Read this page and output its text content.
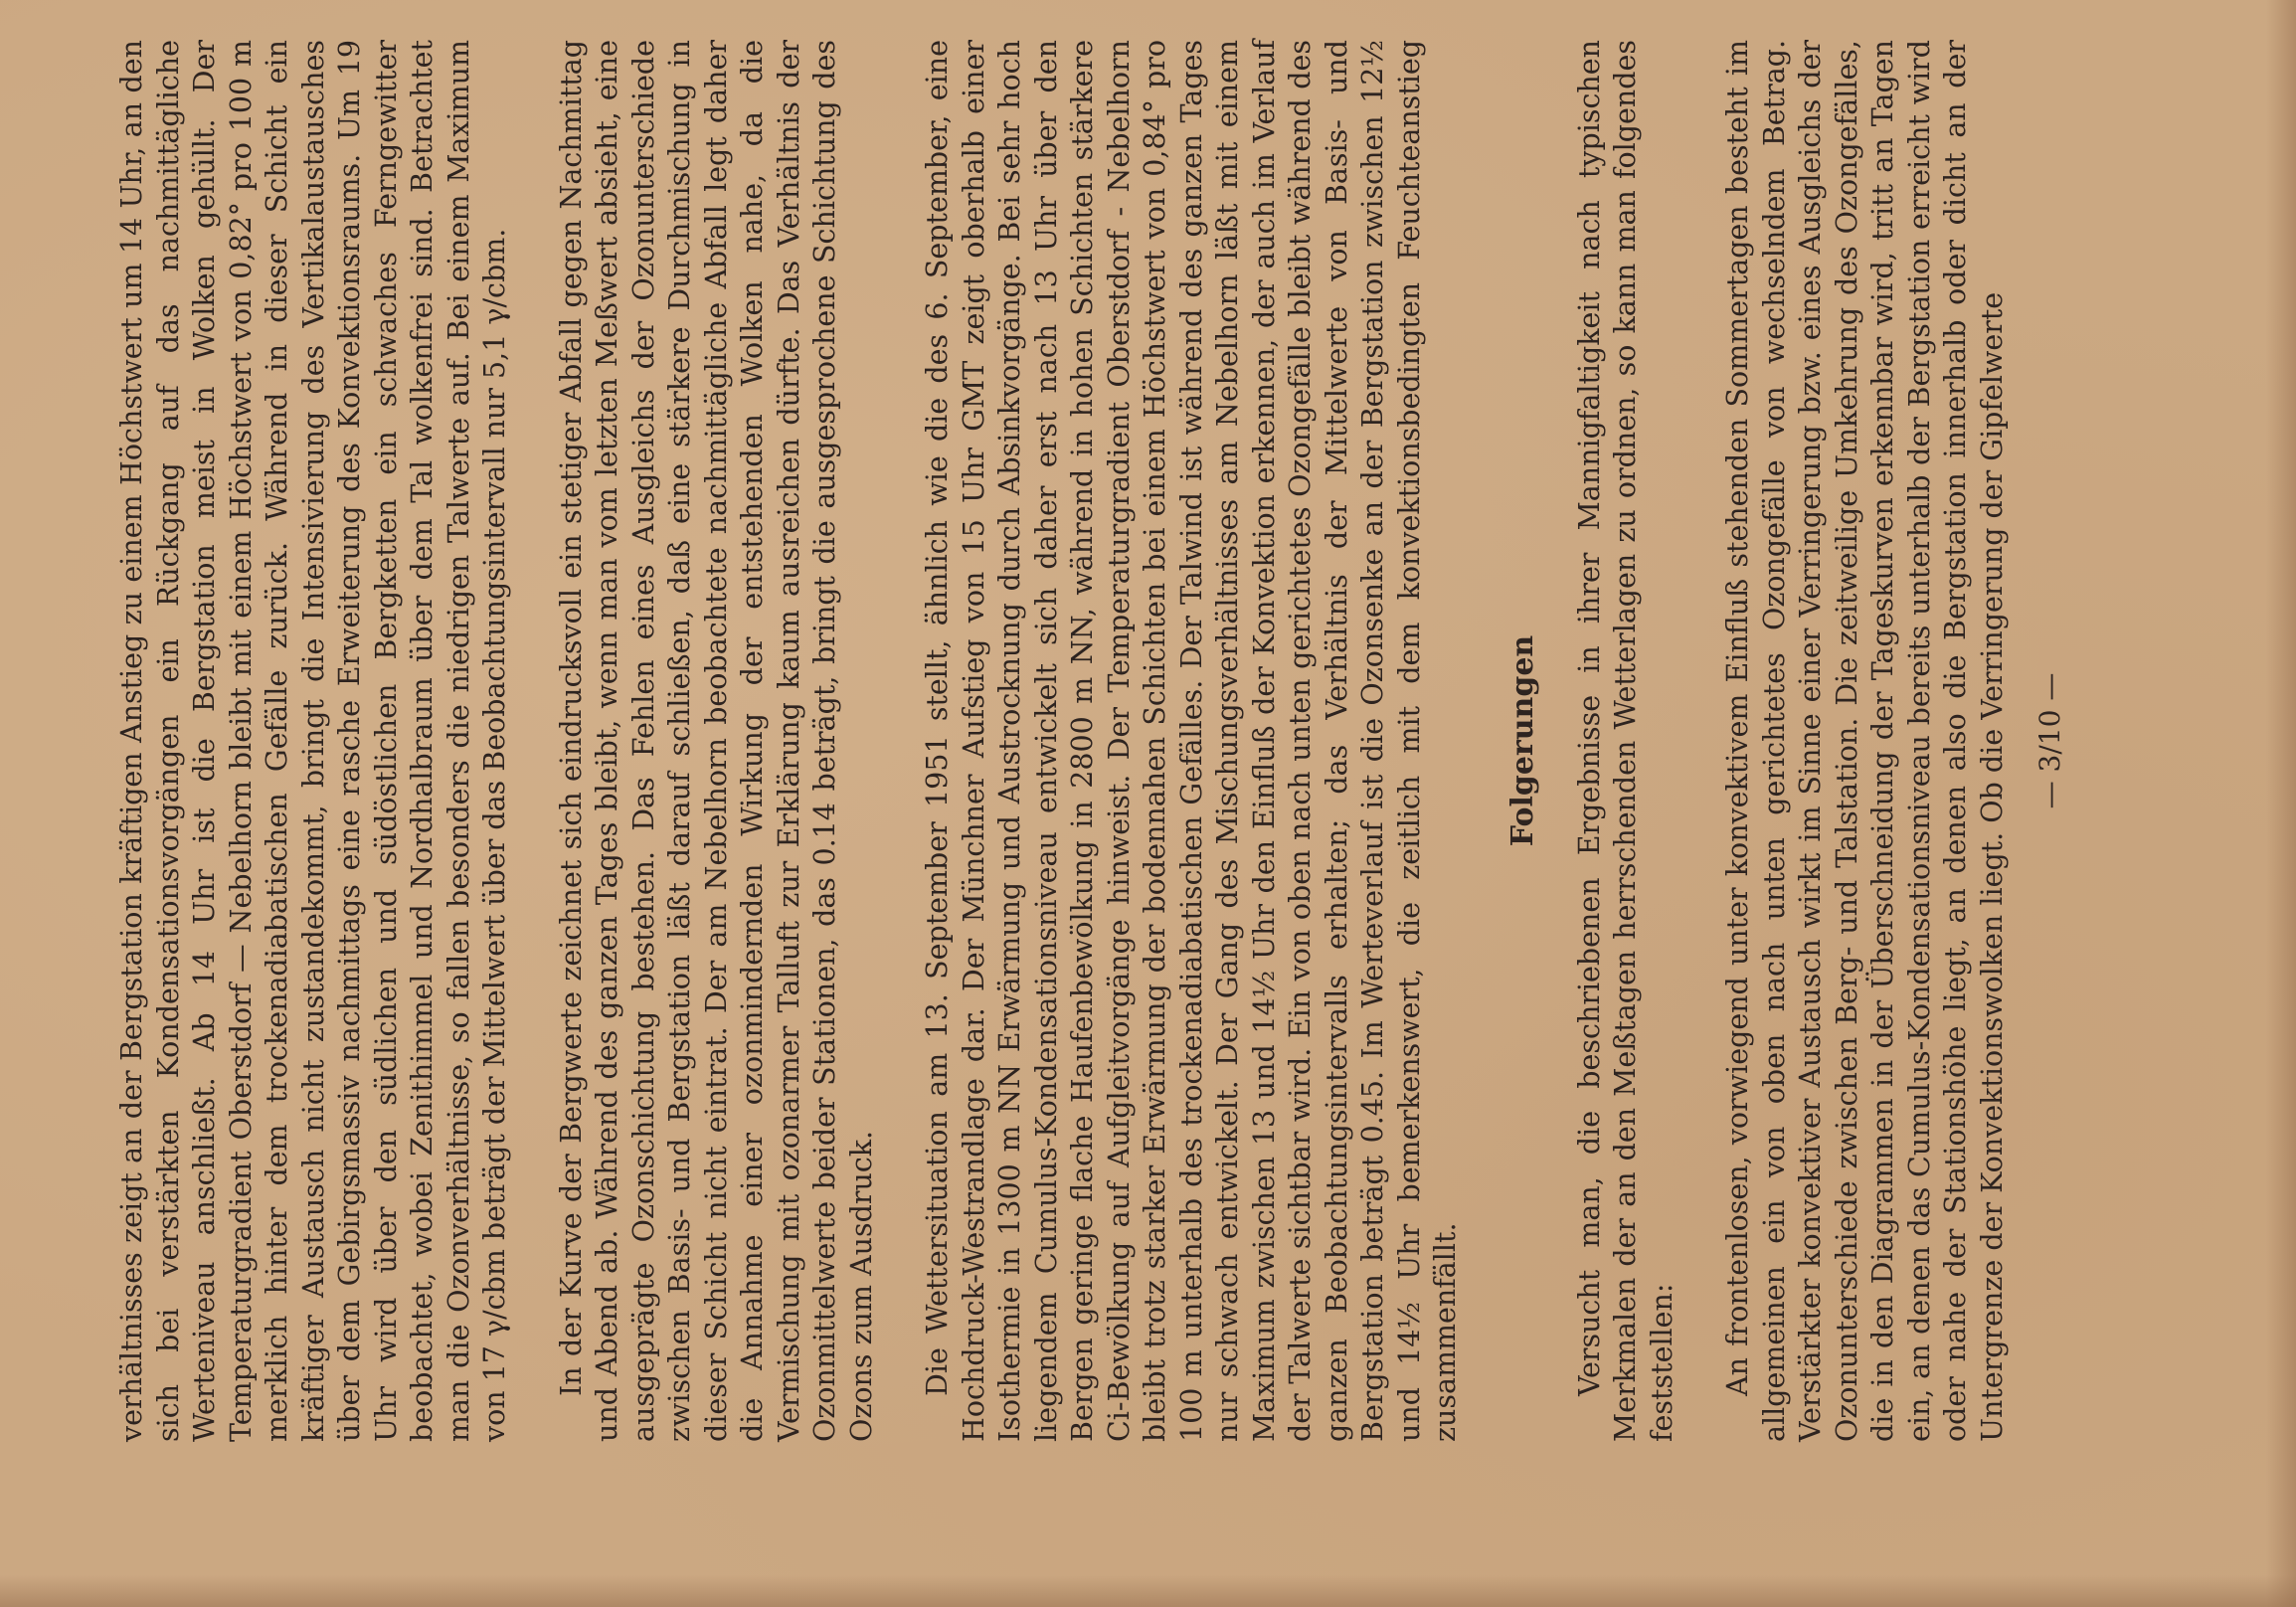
verhältnisses zeigt an der Bergstation kräftigen Anstieg zu einem Höchstwert um 14 Uhr, an den sich bei verstärkten Kondensationsvorgängen ein Rückgang auf das nachmittägliche Werteniveau anschließt. Ab 14 Uhr ist die Bergstation meist in Wolken gehüllt. Der Temperaturgradient Oberstdorf — Nebelhorn bleibt mit einem Höchstwert von 0,82° pro 100 m merklich hinter dem trockenadiabatischen Gefälle zurück. Während in dieser Schicht ein kräftiger Austausch nicht zustandekommt, bringt die Intensivierung des Vertikalaustausches über dem Gebirgsmassiv nachmittags eine rasche Erweiterung des Konvektionsraums. Um 19 Uhr wird über den südlichen und südöstlichen Bergketten ein schwaches Ferngewitter beobachtet, wobei Zenithimmel und Nordhalbraum über dem Tal wolkenfrei sind. Betrachtet man die Ozonverhältnisse, so fallen besonders die niedrigen Talwerte auf. Bei einem Maximum von 17 γ/cbm beträgt der Mittelwert über das Beobachtungsintervall nur 5,1 γ/cbm. In der Kurve der Bergwerte zeichnet sich eindrucksvoll ein stetiger Abfall gegen Nachmittag und Abend ab. Während des ganzen Tages bleibt, wenn man vom letzten Meßwert absieht, eine ausgeprägte Ozonschichtung bestehen. Das Fehlen eines Ausgleichs der Ozonunterschiede zwischen Basis- und Bergstation läßt darauf schließen, daß eine stärkere Durchmischung in dieser Schicht nicht eintrat. Der am Nebelhorn beobachtete nachmittägliche Abfall legt daher die Annahme einer ozonmindernden Wirkung der entstehenden Wolken nahe, da die Vermischung mit ozonarmer Talluft zur Erklärung kaum ausreichen dürfte. Das Verhältnis der Ozonmittelwerte beider Stationen, das 0.14 beträgt, bringt die ausgesprochene Schichtung des Ozons zum Ausdruck. Die Wettersituation am 13. September 1951 stellt, ähnlich wie die des 6. September, eine Hochdruck-Westrandlage dar. Der Münchner Aufstieg von 15 Uhr GMT zeigt oberhalb einer Isothermie in 1300 m NN Erwärmung und Austrocknung durch Absinkvorgänge. Bei sehr hoch liegendem Cumulus-Kondensationsniveau entwickelt sich daher erst nach 13 Uhr über den Bergen geringe flache Haufenbewölkung in 2800 m NN, während in hohen Schichten stärkere Ci-Bewölkung auf Aufgleitvorgänge hinweist. Der Temperaturgradient Oberstdorf - Nebelhorn bleibt trotz starker Erwärmung der bodennahen Schichten bei einem Höchstwert von 0,84° pro 100 m unterhalb des trockenadiabatischen Gefälles. Der Talwind ist während des ganzen Tages nur schwach entwickelt. Der Gang des Mischungsverhältnisses am Nebelhorn läßt mit einem Maximum zwischen 13 und 14½ Uhr den Einfluß der Konvektion erkennen, der auch im Verlauf der Talwerte sichtbar wird. Ein von oben nach unten gerichtetes Ozongefälle bleibt während des ganzen Beobachtungsintervalls erhalten; das Verhältnis der Mittelwerte von Basis- und Bergstation beträgt 0.45. Im Werteverlauf ist die Ozonsenke an der Bergstation zwischen 12½ und 14½ Uhr bemerkenswert, die zeitlich mit dem konvektionsbedingten Feuchteanstieg zusammenfällt.

Folgerungen Versucht man, die beschriebenen Ergebnisse in ihrer Mannigfaltigkeit nach typischen Merkmalen der an den Meßtagen herrschenden Wetterlagen zu ordnen, so kann man folgendes feststellen: An frontenlosen, vorwiegend unter konvektivem Einfluß stehenden Sommertagen besteht im allgemeinen ein von oben nach unten gerichtetes Ozongefälle von wechselndem Betrag. Verstärkter konvektiver Austausch wirkt im Sinne einer Verringerung bzw. eines Ausgleichs der Ozonunterschiede zwischen Berg- und Talstation. Die zeitweilige Umkehrung des Ozongefälles, die in den Diagrammen in der Überschneidung der Tageskurven erkennbar wird, tritt an Tagen ein, an denen das Cumulus-Kondensationsniveau bereits unterhalb der Bergstation erreicht wird oder nahe der Stationshöhe liegt, an denen also die Bergstation innerhalb oder dicht an der Untergrenze der Konvektionswolken liegt. Ob die Verringerung der Gipfelwerte — 3/10 —
